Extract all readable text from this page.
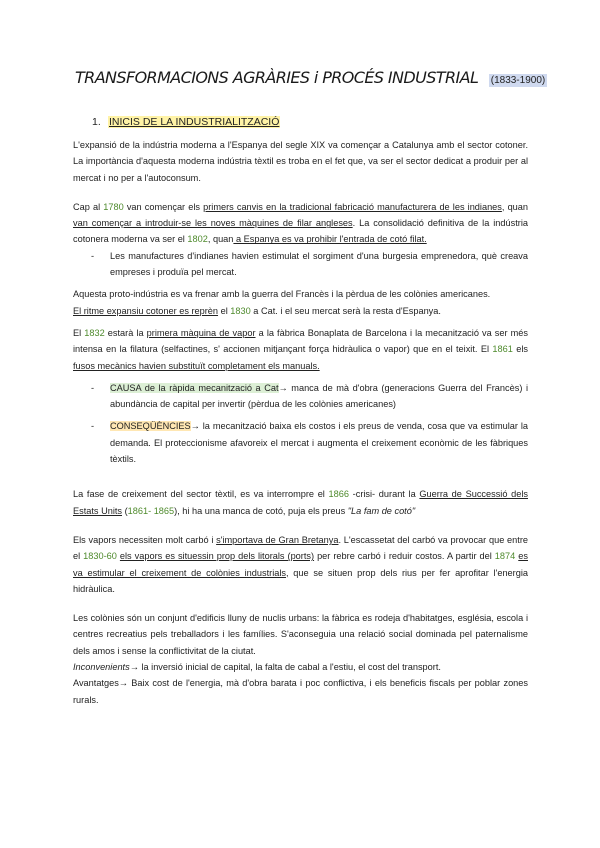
TRANSFORMACIONS AGRÀRIES i PROCÉS INDUSTRIAL (1833-1900)
1. INICIS DE LA INDUSTRIALITZACIÓ

L'expansió de la indústria moderna a l'Espanya del segle XIX va començar a Catalunya amb el sector cotoner. La importància d'aquesta moderna indústria tèxtil es troba en el fet que, va ser el sector dedicat a produir per al mercat i no per a l'autoconsum.

Cap al 1780 van començar els primers canvis en la tradicional fabricació manufacturera de les indianes, quan van començar a introduir-se les noves màquines de filar angleses. La consolidació definitiva de la indústria cotonera moderna va ser el 1802, quan a Espanya es va prohibir l'entrada de cotó filat.

- Les manufactures d'indianes havien estimulat el sorgiment d'una burgesia emprenedora, què creava empreses i produïa pel mercat.

Aquesta proto-indústria es va frenar amb la guerra del Francès i la pèrdua de les colònies americanes.
El ritme expansiu cotoner es reprèn el 1830 a Cat. i el seu mercat serà la resta d'Espanya.

El 1832 estarà la primera màquina de vapor a la fàbrica Bonaplata de Barcelona i la mecanització va ser més intensa en la filatura (selfactines, s' accionen mitjançant força hidràulica o vapor) que en el teixit. El 1861 els fusos mecànics havien substituït completament els manuals.

- CAUSA de la ràpida mecanització a Cat→ manca de mà d'obra (generacions Guerra del Francès) i abundància de capital per invertir (pèrdua de les colònies americanes)

- CONSEQÜÈNCIES→ la mecanització baixa els costos i els preus de venda, cosa que va estimular la demanda. El proteccionisme afavoreix el mercat i augmenta el creixement econòmic de les fàbriques tèxtils.

La fase de creixement del sector tèxtil, es va interrompre el 1866 -crisi- durant la Guerra de Successió dels Estats Units (1861- 1865), hi ha una manca de cotó, puja els preus "La fam de cotó"

Els vapors necessiten molt carbó i s'importava de Gran Bretanya. L'escassetat del carbó va provocar que entre el 1830-60 els vapors es situessin prop dels litorals (ports) per rebre carbó i reduir costos. A partir del 1874 es va estimular el creixement de colònies industrials, que se situen prop dels rius per fer aprofitar l'energia hidràulica.

Les colònies són un conjunt d'edificis lluny de nuclis urbans: la fàbrica es rodeja d'habitatges, església, escola i centres recreatius pels treballadors i les famílies. S'aconseguia una relació social dominada pel paternalisme dels amos i sense la conflictivitat de la ciutat.

Inconvenients→ la inversió inicial de capital, la falta de cabal a l'estiu, el cost del transport.

Avantatges→ Baix cost de l'energia, mà d'obra barata i poc conflictiva, i els beneficis fiscals per poblar zones rurals.
